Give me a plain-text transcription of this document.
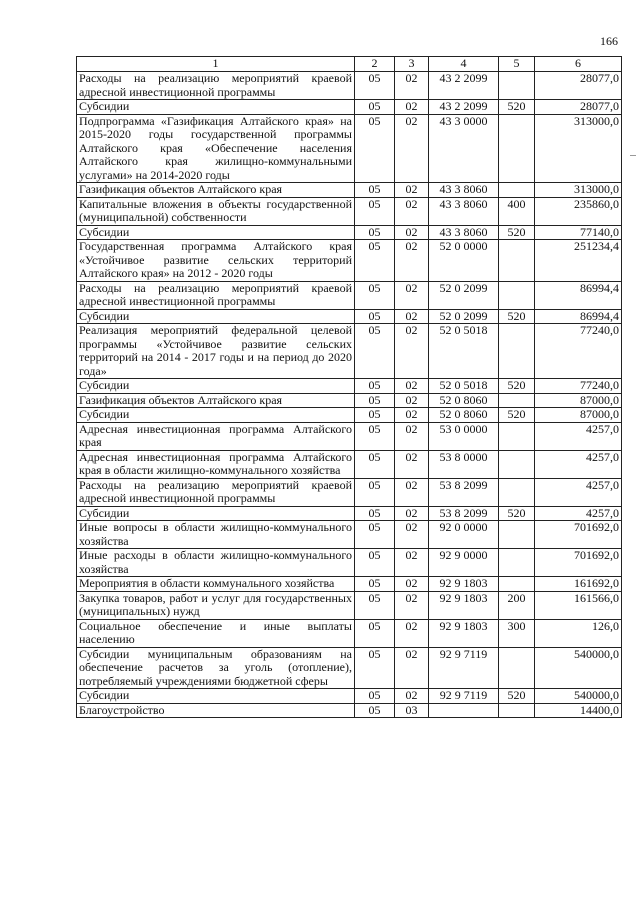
166
1	2	3	4	5	6
Расходы на реализацию мероприятий краевой адресной инвестиционной программы	05	02	43 2 2099		28077,0
Субсидии	05	02	43 2 2099	520	28077,0
Подпрограмма «Газификация Алтайского края» на 2015-2020 годы государственной программы Алтайского края «Обеспечение населения Алтайского края жилищно-коммунальными услугами» на 2014-2020 годы	05	02	43 3 0000		313000,0
Газификация объектов Алтайского края	05	02	43 3 8060		313000,0
Капитальные вложения в объекты государственной (муниципальной) собственности	05	02	43 3 8060	400	235860,0
Субсидии	05	02	43 3 8060	520	77140,0
Государственная программа Алтайского края «Устойчивое развитие сельских территорий Алтайского края» на 2012 - 2020 годы	05	02	52 0 0000		251234,4
Расходы на реализацию мероприятий краевой адресной инвестиционной программы	05	02	52 0 2099		86994,4
Субсидии	05	02	52 0 2099	520	86994,4
Реализация мероприятий федеральной целевой программы «Устойчивое развитие сельских территорий на 2014 - 2017 годы и на период до 2020 года»	05	02	52 0 5018		77240,0
Субсидии	05	02	52 0 5018	520	77240,0
Газификация объектов Алтайского края	05	02	52 0 8060		87000,0
Субсидии	05	02	52 0 8060	520	87000,0
Адресная инвестиционная программа Алтайского края	05	02	53 0 0000		4257,0
Адресная инвестиционная программа Алтайского края в области жилищно-коммунального хозяйства	05	02	53 8 0000		4257,0
Расходы на реализацию мероприятий краевой адресной инвестиционной программы	05	02	53 8 2099		4257,0
Субсидии	05	02	53 8 2099	520	4257,0
Иные вопросы в области жилищно-коммунального хозяйства	05	02	92 0 0000		701692,0
Иные расходы в области жилищно-коммунального хозяйства	05	02	92 9 0000		701692,0
Мероприятия в области коммунального хозяйства	05	02	92 9 1803		161692,0
Закупка товаров, работ и услуг для государственных (муниципальных) нужд	05	02	92 9 1803	200	161566,0
Социальное обеспечение и иные выплаты населению	05	02	92 9 1803	300	126,0
Субсидии муниципальным образованиям на обеспечение расчетов за уголь (отопление), потребляемый учреждениями бюджетной сферы	05	02	92 9 7119		540000,0
Субсидии	05	02	92 9 7119	520	540000,0
Благоустройство	05	03			14400,0
